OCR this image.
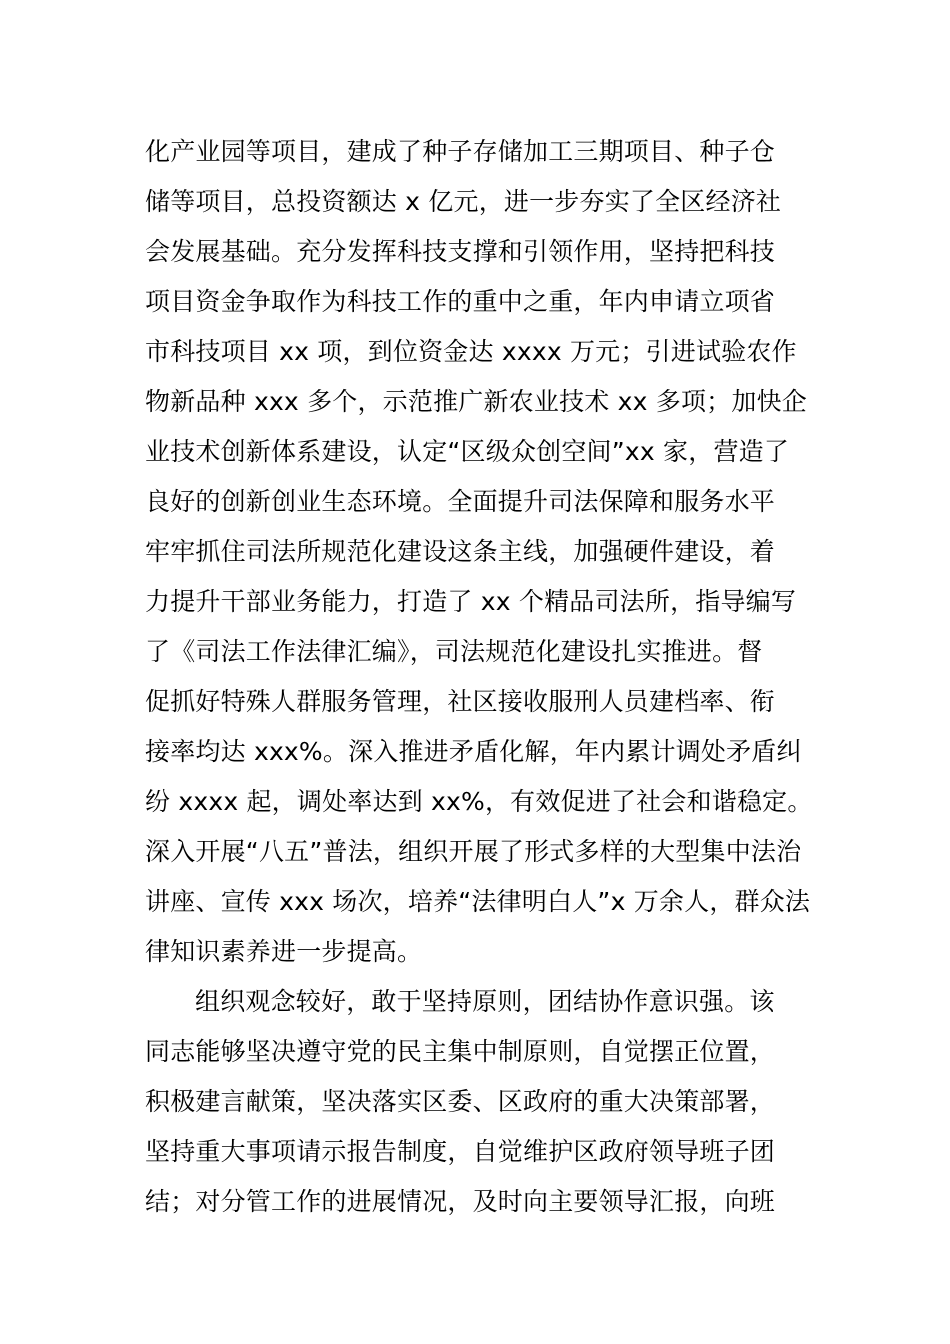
化产业园等项目，建成了种子存储加工三期项目、种子仓
储等项目，总投资额达 x 亿元，进一步夯实了全区经济社
会发展基础。充分发挥科技支撑和引领作用，坚持把科技
项目资金争取作为科技工作的重中之重，年内申请立项省
市科技项目 xx 项，到位资金达 xxxx 万元；引进试验农作
物新品种 xxx 多个，示范推广新农业技术 xx 多项；加快企
业技术创新体系建设，认定“区级众创空间”xx 家，营造了
良好的创新创业生态环境。全面提升司法保障和服务水平
牢牢抓住司法所规范化建设这条主线，加强硬件建设，着
力提升干部业务能力，打造了 xx 个精品司法所，指导编写
了《司法工作法律汇编》，司法规范化建设扎实推进。督
促抓好特殊人群服务管理，社区接收服刑人员建档率、衔
接率均达 xxx%。深入推进矛盾化解，年内累计调处矛盾纠
纷 xxxx 起，调处率达到 xx%，有效促进了社会和谐稳定。
深入开展“八五”普法，组织开展了形式多样的大型集中法治
讲座、宣传 xxx 场次，培养“法律明白人”x 万余人，群众法
律知识素养进一步提高。
组织观念较好，敢于坚持原则，团结协作意识强。该
同志能够坚决遵守党的民主集中制原则，自觉摆正位置，
积极建言献策，坚决落实区委、区政府的重大决策部署，
坚持重大事项请示报告制度，自觉维护区政府领导班子团
结；对分管工作的进展情况，及时向主要领导汇报，向班
